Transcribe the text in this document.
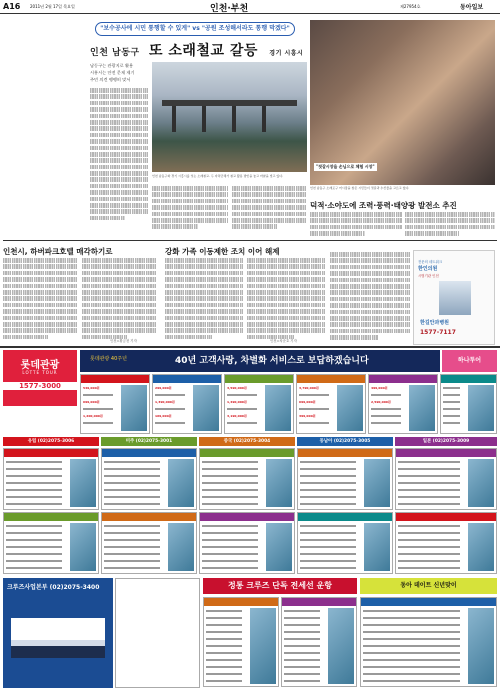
A16 2011년 2월 17일 목요일	인천·부천	제27954호	동아일보
"보수공사에 시민 통행할 수 있게" vs "공원 조성해서라도 통행 막겠다"
인천 남동구 또 소래철교 갈등 경기 시흥시
남동구는 관광지로 활용
시흥시는 안전 문제 제기
주민 의견 팽팽히 맞서
인천 남동구와 경기 시흥시를 잇는 소래철교. 두 자치단체가 철교 활용 방안을 놓고 마찰을 빚고 있다.
"젓갈시장을 손님으로 체험 시장"
인천 남동구 소래포구 어시장을 찾은 시민들이 젓갈과 수산물을 고르고 있다.
덕적·소야도에 조력·풍력·태양광 발전소 추진
인천시, 하버파크호텔 매각하기로
인천=황금천 기자
강화 가족 이동제한 조치 이어 해제
인천=차준호 기자
전문의 네트워크
한인의원
시범기관 인천
한길안과병원
1577-7117
롯데관광
LOTTE TOUR
1577-3000
롯데관광 40주년	40년 고객사랑, 차별화 서비스로 보답하겠습니다	하나투어
549,000원
699,000원
1,200,000원
299,000원
1,390,000원
169,000원
3,590,000원
1,490,000원
3,190,000원
3,790,000원
699,000원
399,000원
499,000원
2,590,000원
유럽 (02)2075-3006	미주 (02)2075-3001	중국 (02)2075-3004	동남아 (02)2075-3005	일본 (02)2075-3009
크루즈사업본부 (02)2075-3400	정통 크루즈 단독 전세선 운항	동아 데이트 신년맞이
